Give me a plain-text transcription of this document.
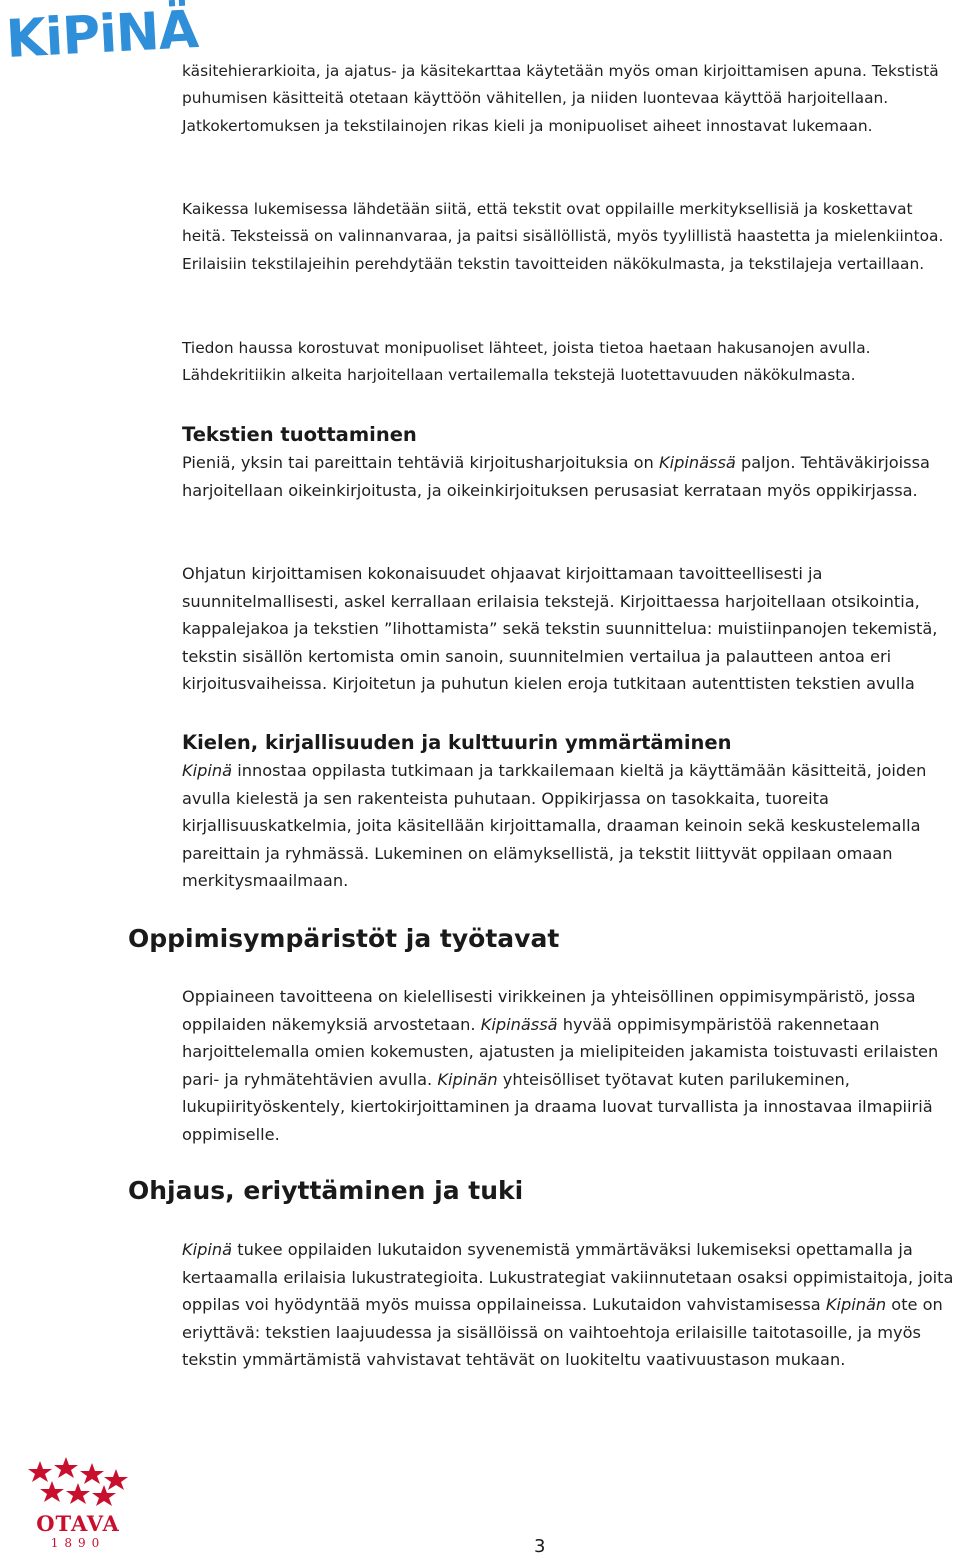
KiPiNÄ

käsitehierarkioita, ja ajatus- ja käsitekarttaa käytetään myös oman kirjoittamisen apuna. Tekstistä puhumisen käsitteitä otetaan käyttöön vähitellen, ja niiden luontevaa käyttöä harjoitellaan. Jatkokertomuksen ja tekstilainojen rikas kieli ja monipuoliset aiheet innostavat lukemaan.

Kaikessa lukemisessa lähdetään siitä, että tekstit ovat oppilaille merkityksellisiä ja koskettavat heitä. Teksteissä on valinnanvaraa, ja paitsi sisällöllistä, myös tyylillistä haastetta ja mielenkiintoa. Erilaisiin tekstilajeihin perehdytään tekstin tavoitteiden näkökulmasta, ja tekstilajeja vertaillaan.

Tiedon haussa korostuvat monipuoliset lähteet, joista tietoa haetaan hakusanojen avulla. Lähdekritiikin alkeita harjoitellaan vertailemalla tekstejä luotettavuuden näkökulmasta.

Tekstien tuottaminen

Pieniä, yksin tai pareittain tehtäviä kirjoitusharjoituksia on Kipinässä paljon. Tehtäväkirjoissa harjoitellaan oikeinkirjoitusta, ja oikeinkirjoituksen perusasiat kerrataan myös oppikirjassa.

Ohjatun kirjoittamisen kokonaisuudet ohjaavat kirjoittamaan tavoitteellisesti ja suunnitelmallisesti, askel kerrallaan erilaisia tekstejä. Kirjoittaessa harjoitellaan otsikointia, kappalejakoa ja tekstien ”lihottamista” sekä tekstin suunnittelua: muistiinpanojen tekemistä, tekstin sisällön kertomista omin sanoin, suunnitelmien vertailua ja palautteen antoa eri kirjoitusvaiheissa. Kirjoitetun ja puhutun kielen eroja tutkitaan autenttisten tekstien avulla

Kielen, kirjallisuuden ja kulttuurin ymmärtäminen

Kipinä innostaa oppilasta tutkimaan ja tarkkailemaan kieltä ja käyttämään käsitteitä, joiden avulla kielestä ja sen rakenteista puhutaan. Oppikirjassa on tasokkaita, tuoreita kirjallisuuskatkelmia, joita käsitellään kirjoittamalla, draaman keinoin sekä keskustelemalla pareittain ja ryhmässä. Lukeminen on elämyksellistä, ja tekstit liittyvät oppilaan omaan merkitysmaailmaan.

Oppimisympäristöt ja työtavat

Oppiaineen tavoitteena on kielellisesti virikkeinen ja yhteisöllinen oppimisympäristö, jossa oppilaiden näkemyksiä arvostetaan. Kipinässä hyvää oppimisympäristöä rakennetaan harjoittelemalla omien kokemusten, ajatusten ja mielipiteiden jakamista toistuvasti erilaisten pari- ja ryhmätehtävien avulla. Kipinän yhteisölliset työtavat kuten parilukeminen, lukupiirityöskentely, kiertokirjoittaminen ja draama luovat turvallista ja innostavaa ilmapiiriä oppimiselle.

Ohjaus, eriyttäminen ja tuki

Kipinä tukee oppilaiden lukutaidon syvenemistä ymmärtäväksi lukemiseksi opettamalla ja kertaamalla erilaisia lukustrategioita. Lukustrategiat vakiinnutetaan osaksi oppimistaitoja, joita oppilas voi hyödyntää myös muissa oppilaineissa. Lukutaidon vahvistamisessa Kipinän ote on eriyttävä: tekstien laajuudessa ja sisällöissä on vaihtoehtoja erilaisille taitotasoille, ja myös tekstin ymmärtämistä vahvistavat tehtävät on luokiteltu vaativuustason mukaan.

OTAVA
1890	3
